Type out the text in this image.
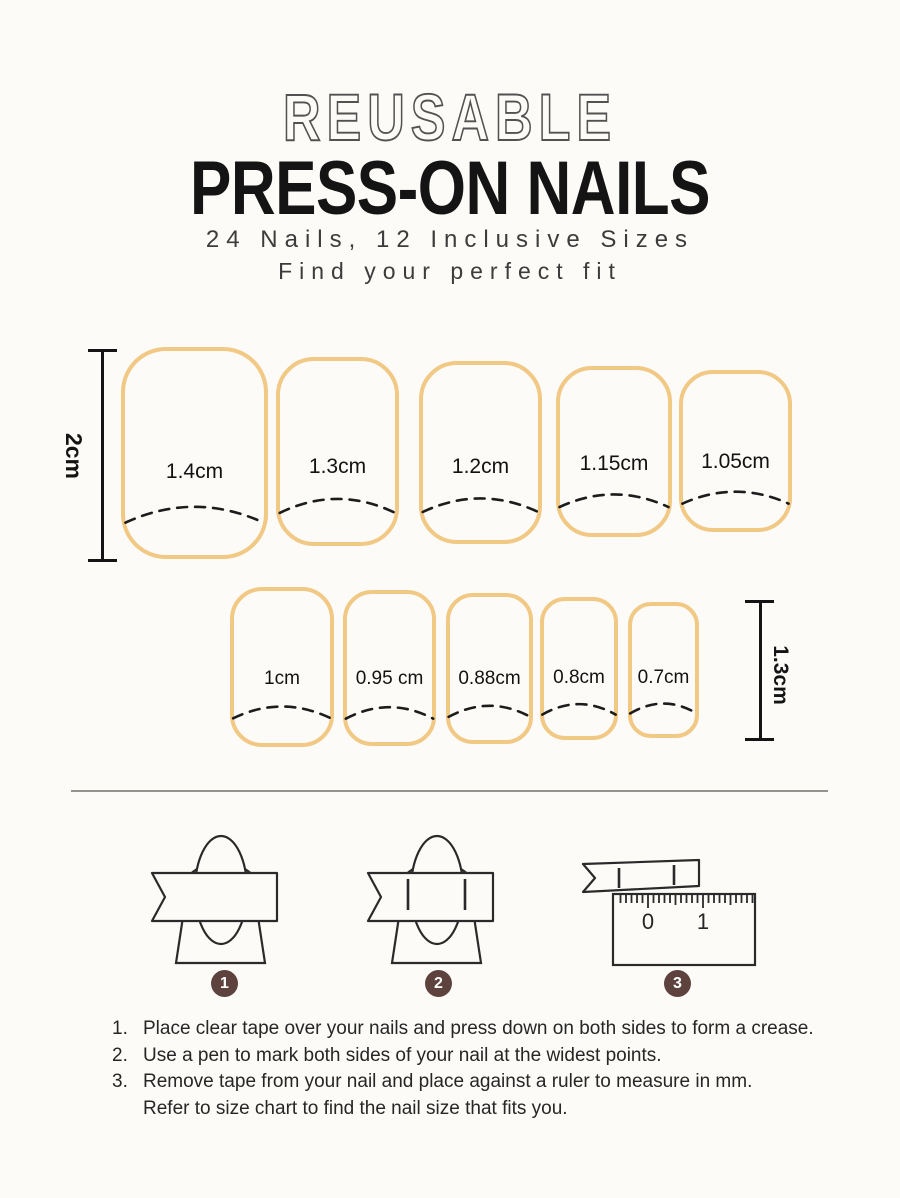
REUSABLE
PRESS-ON NAILS
24 Nails, 12 Inclusive Sizes
Find your perfect fit
2cm	1.4cm	1.3cm	1.2cm	1.15cm	1.05cm
1cm	0.95 cm	0.88cm	0.8cm	0.7cm	1.3cm
0 1
1	2	3
1. Place clear tape over your nails and press down on both sides to form a crease.
2. Use a pen to mark both sides of your nail at the widest points.
3. Remove tape from your nail and place against a ruler to measure in mm.
Refer to size chart to find the nail size that fits you.
